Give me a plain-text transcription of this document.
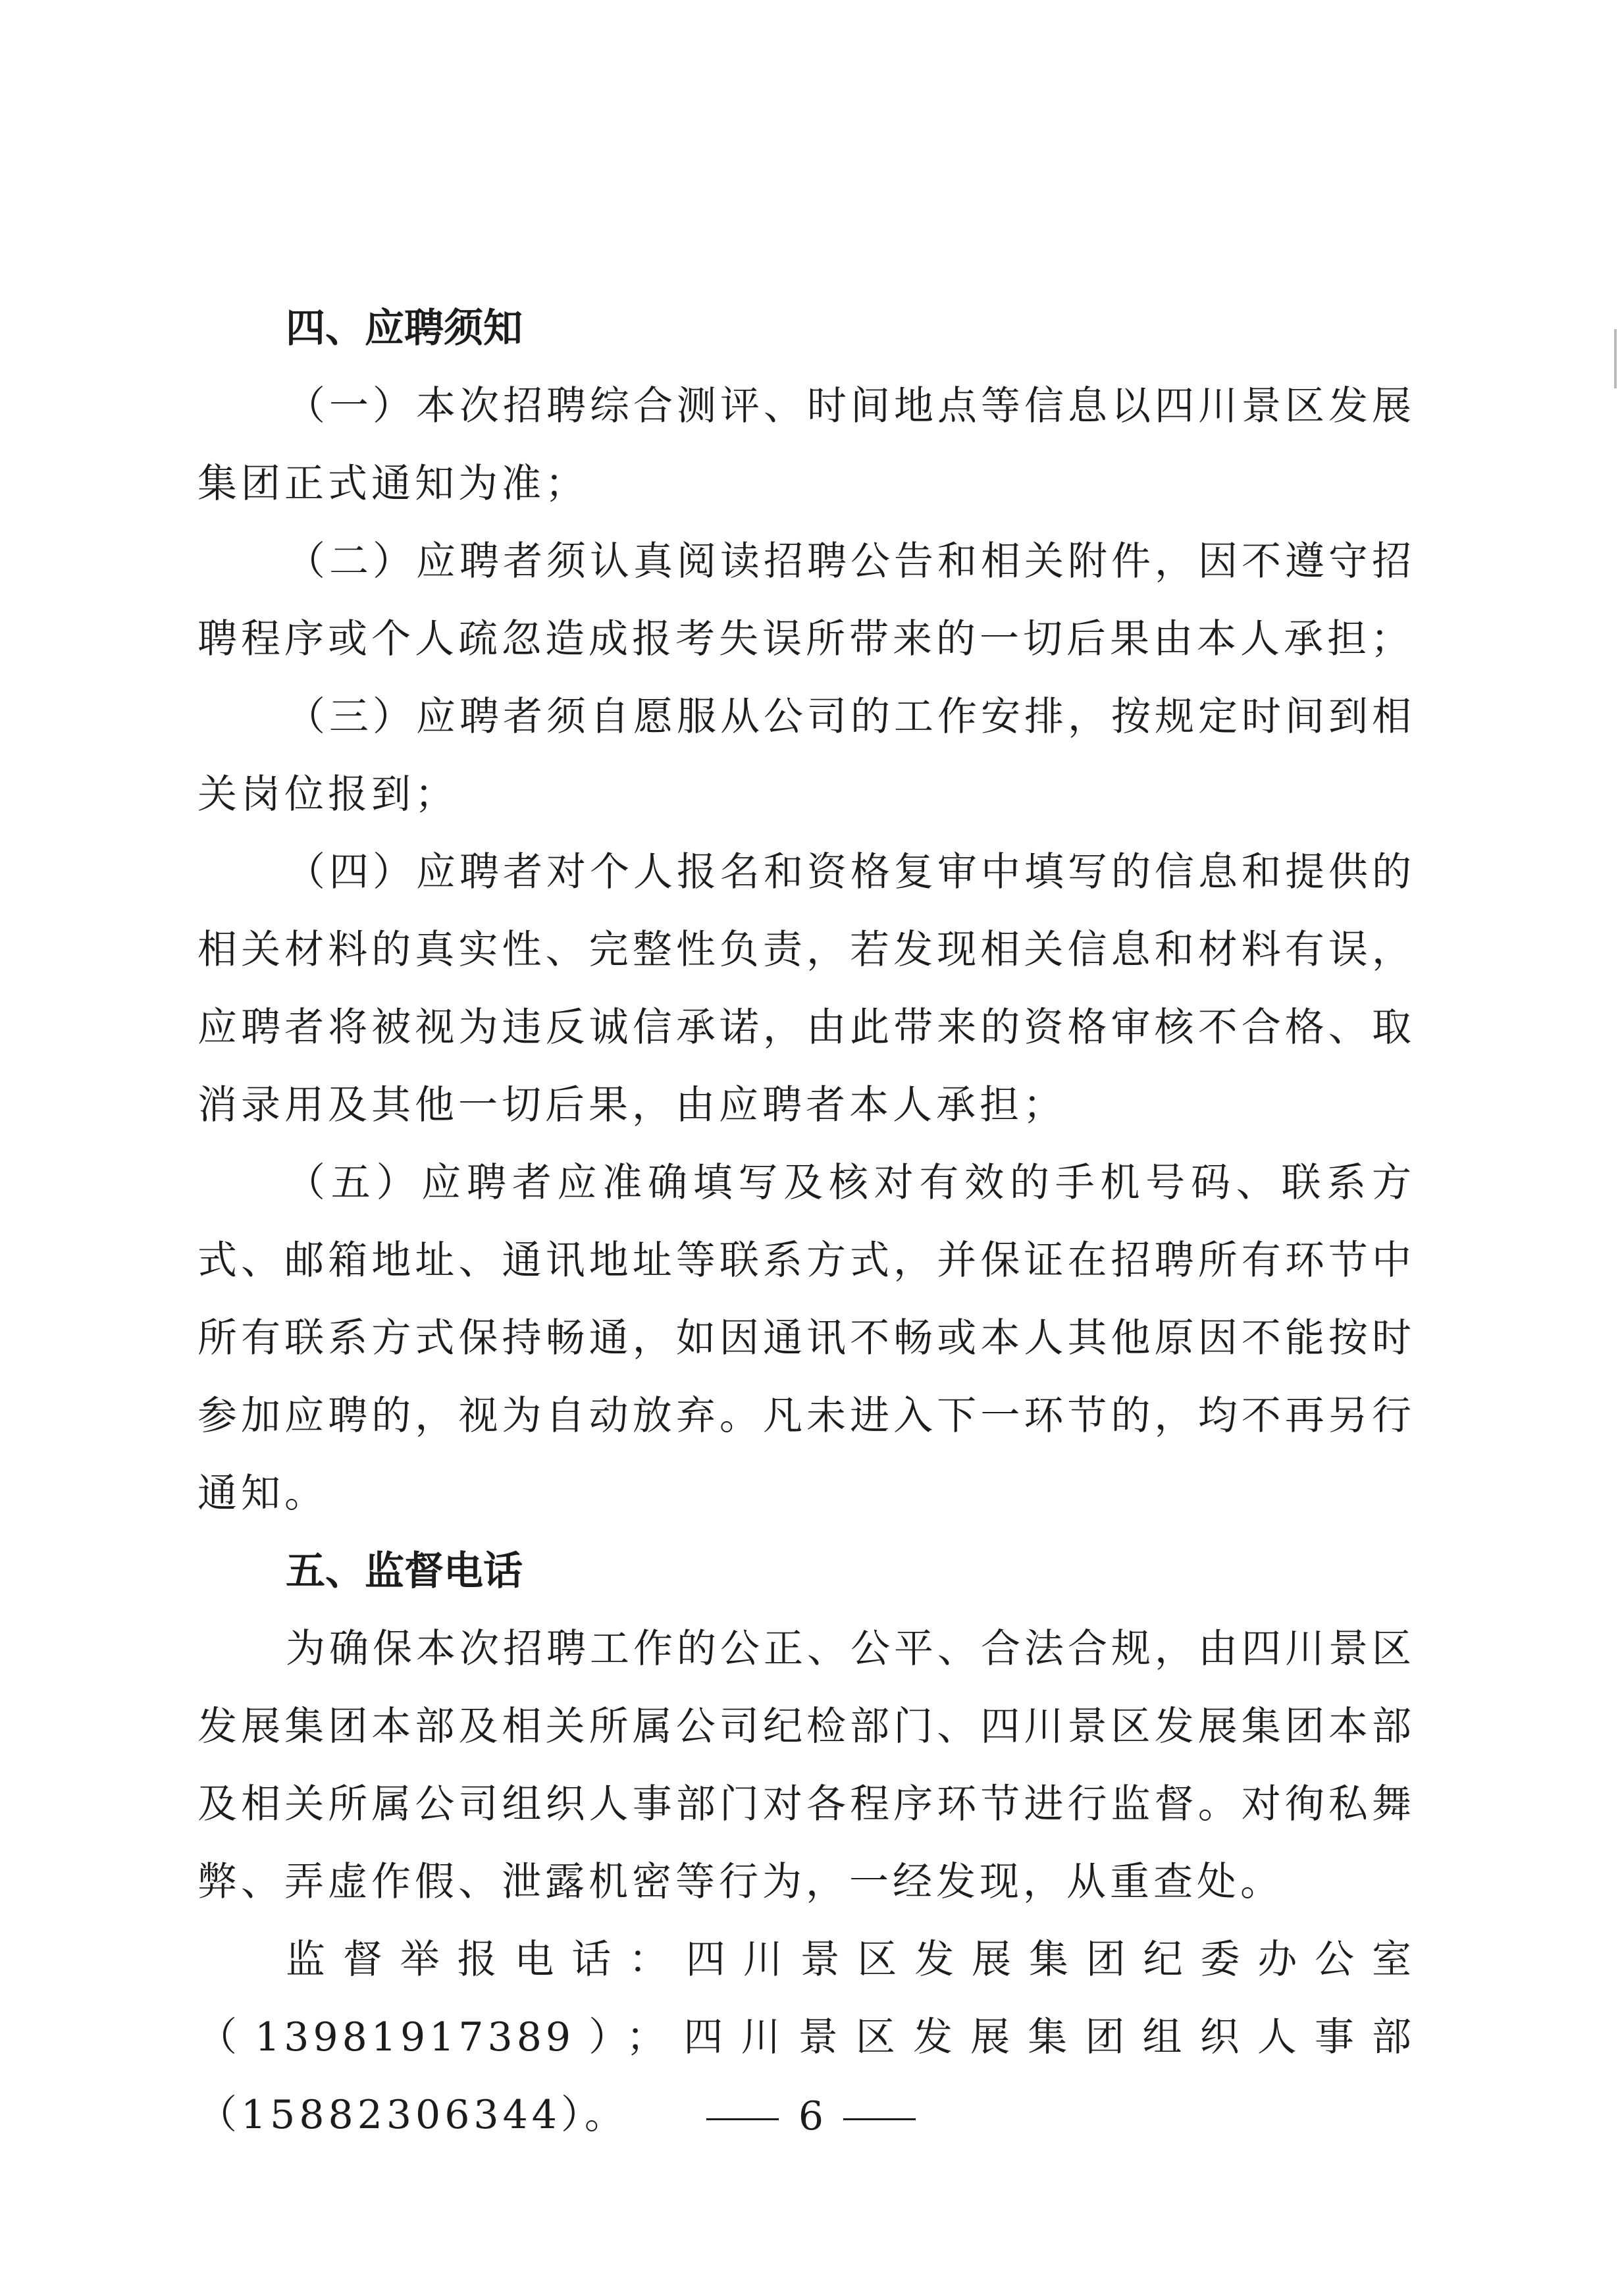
四、应聘须知

（一）本次招聘综合测评、时间地点等信息以四川景区发展集团正式通知为准；

（二）应聘者须认真阅读招聘公告和相关附件，因不遵守招聘程序或个人疏忽造成报考失误所带来的一切后果由本人承担；

（三）应聘者须自愿服从公司的工作安排，按规定时间到相关岗位报到；

（四）应聘者对个人报名和资格复审中填写的信息和提供的相关材料的真实性、完整性负责，若发现相关信息和材料有误，应聘者将被视为违反诚信承诺，由此带来的资格审核不合格、取消录用及其他一切后果，由应聘者本人承担；

（五）应聘者应准确填写及核对有效的手机号码、联系方式、邮箱地址、通讯地址等联系方式，并保证在招聘所有环节中所有联系方式保持畅通，如因通讯不畅或本人其他原因不能按时参加应聘的，视为自动放弃。凡未进入下一环节的，均不再另行通知。

五、监督电话

为确保本次招聘工作的公正、公平、合法合规，由四川景区发展集团本部及相关所属公司纪检部门、四川景区发展集团本部及相关所属公司组织人事部门对各程序环节进行监督。对徇私舞弊、弄虚作假、泄露机密等行为，一经发现，从重查处。

监督举报电话：四川景区发展集团纪委办公室（13981917389）；四川景区发展集团组织人事部（15882306344）。	6
